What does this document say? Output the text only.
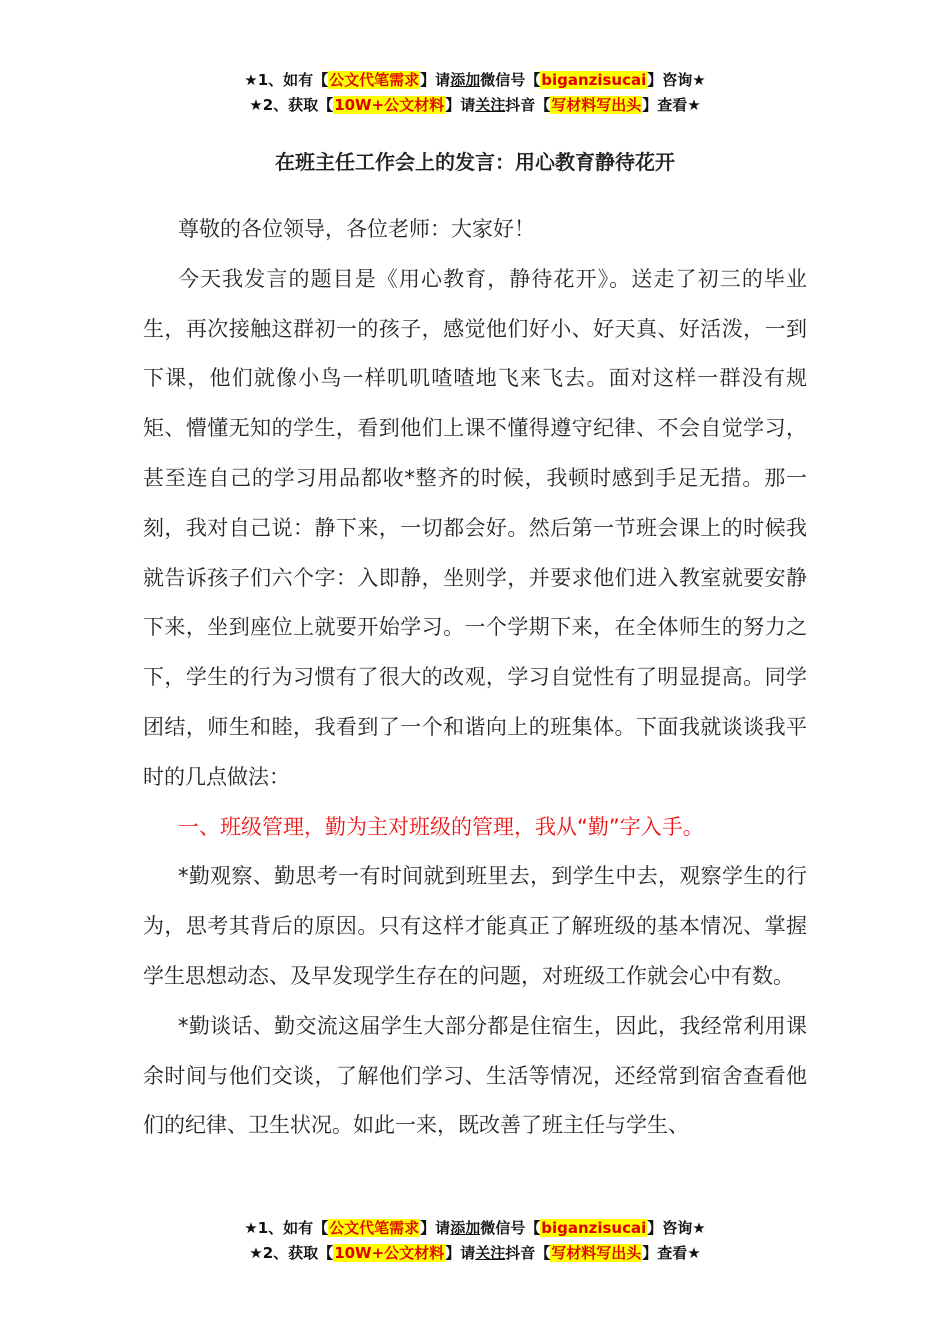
★1、如有【公文代笔需求】请添加微信号【biganzisucai】咨询★
★2、获取【10W+公文材料】请关注抖音【写材料写出头】查看★
在班主任工作会上的发言：用心教育静待花开

尊敬的各位领导，各位老师：大家好！

今天我发言的题目是《用心教育，静待花开》。送走了初三的毕业生，再次接触这群初一的孩子，感觉他们好小、好天真、好活泼，一到下课，他们就像小鸟一样叽叽喳喳地飞来飞去。面对这样一群没有规矩、懵懂无知的学生，看到他们上课不懂得遵守纪律、不会自觉学习，甚至连自己的学习用品都收*整齐的时候，我顿时感到手足无措。那一刻，我对自己说：静下来，一切都会好。然后第一节班会课上的时候我就告诉孩子们六个字：入即静，坐则学，并要求他们进入教室就要安静下来，坐到座位上就要开始学习。一个学期下来，在全体师生的努力之下，学生的行为习惯有了很大的改观，学习自觉性有了明显提高。同学团结，师生和睦，我看到了一个和谐向上的班集体。下面我就谈谈我平时的几点做法：

一、班级管理，勤为主对班级的管理，我从“勤”字入手。

*勤观察、勤思考一有时间就到班里去，到学生中去，观察学生的行为，思考其背后的原因。只有这样才能真正了解班级的基本情况、掌握学生思想动态、及早发现学生存在的问题，对班级工作就会心中有数。

*勤谈话、勤交流这届学生大部分都是住宿生，因此，我经常利用课余时间与他们交谈，了解他们学习、生活等情况，还经常到宿舍查看他们的纪律、卫生状况。如此一来，既改善了班主任与学生、

★1、如有【公文代笔需求】请添加微信号【biganzisucai】咨询★
★2、获取【10W+公文材料】请关注抖音【写材料写出头】查看★
